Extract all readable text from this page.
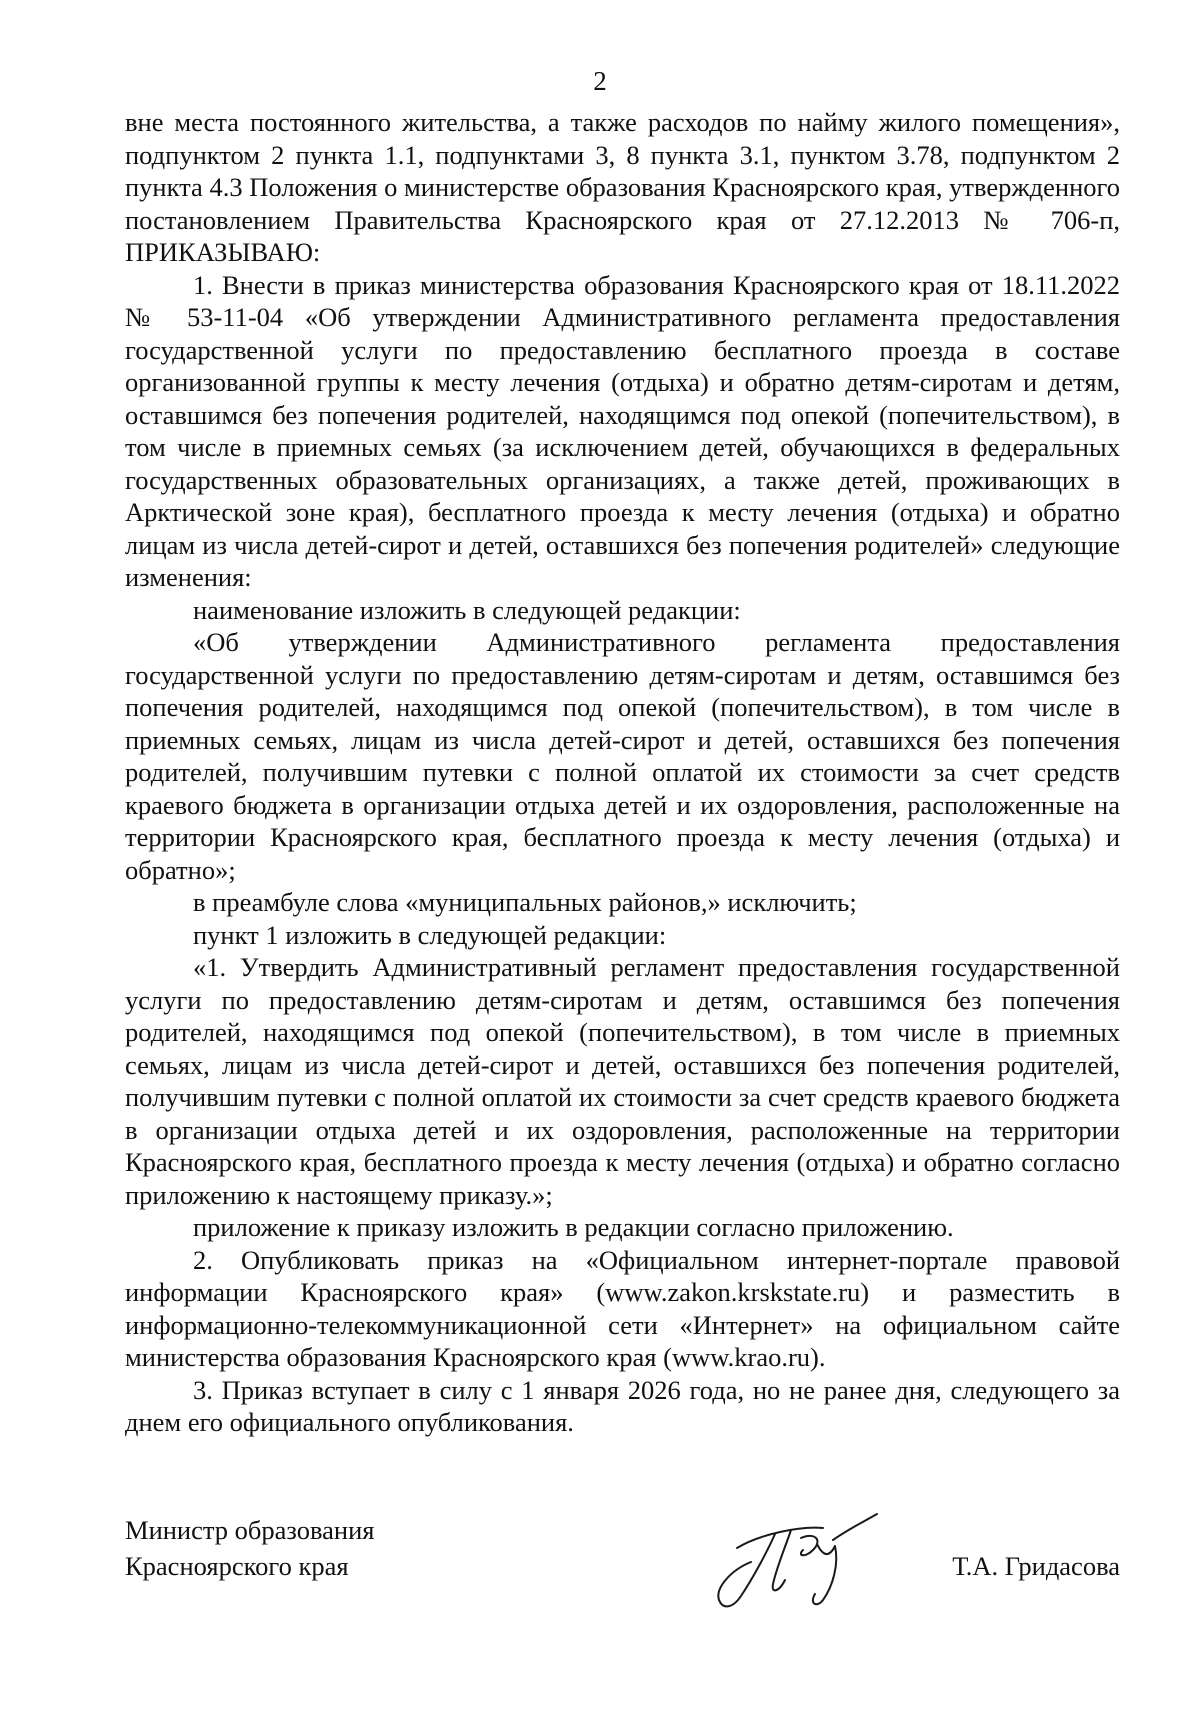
2

вне места постоянного жительства, а также расходов по найму жилого помещения», подпунктом 2 пункта 1.1, подпунктами 3, 8 пункта 3.1, пунктом 3.78, подпунктом 2 пункта 4.3 Положения о министерстве образования Красноярского края, утвержденного постановлением Правительства Красноярского края от 27.12.2013 № 706-п, ПРИКАЗЫВАЮ:

1. Внести в приказ министерства образования Красноярского края от 18.11.2022 № 53-11-04 «Об утверждении Административного регламента предоставления государственной услуги по предоставлению бесплатного проезда в составе организованной группы к месту лечения (отдыха) и обратно детям-сиротам и детям, оставшимся без попечения родителей, находящимся под опекой (попечительством), в том числе в приемных семьях (за исключением детей, обучающихся в федеральных государственных образовательных организациях, а также детей, проживающих в Арктической зоне края), бесплатного проезда к месту лечения (отдыха) и обратно лицам из числа детей-сирот и детей, оставшихся без попечения родителей» следующие изменения:

наименование изложить в следующей редакции:

«Об утверждении Административного регламента предоставления государственной услуги по предоставлению детям-сиротам и детям, оставшимся без попечения родителей, находящимся под опекой (попечительством), в том числе в приемных семьях, лицам из числа детей-сирот и детей, оставшихся без попечения родителей, получившим путевки с полной оплатой их стоимости за счет средств краевого бюджета в организации отдыха детей и их оздоровления, расположенные на территории Красноярского края, бесплатного проезда к месту лечения (отдыха) и обратно»;

в преамбуле слова «муниципальных районов,» исключить;

пункт 1 изложить в следующей редакции:

«1. Утвердить Административный регламент предоставления государственной услуги по предоставлению детям-сиротам и детям, оставшимся без попечения родителей, находящимся под опекой (попечительством), в том числе в приемных семьях, лицам из числа детей-сирот и детей, оставшихся без попечения родителей, получившим путевки с полной оплатой их стоимости за счет средств краевого бюджета в организации отдыха детей и их оздоровления, расположенные на территории Красноярского края, бесплатного проезда к месту лечения (отдыха) и обратно согласно приложению к настоящему приказу.»;

приложение к приказу изложить в редакции согласно приложению.

2. Опубликовать приказ на «Официальном интернет-портале правовой информации Красноярского края» (www.zakon.krskstate.ru) и разместить в информационно-телекоммуникационной сети «Интернет» на официальном сайте министерства образования Красноярского края (www.krao.ru).

3. Приказ вступает в силу с 1 января 2026 года, но не ранее дня, следующего за днем его официального опубликования.

Министр образования
Красноярского края	Т.А. Гридасова
